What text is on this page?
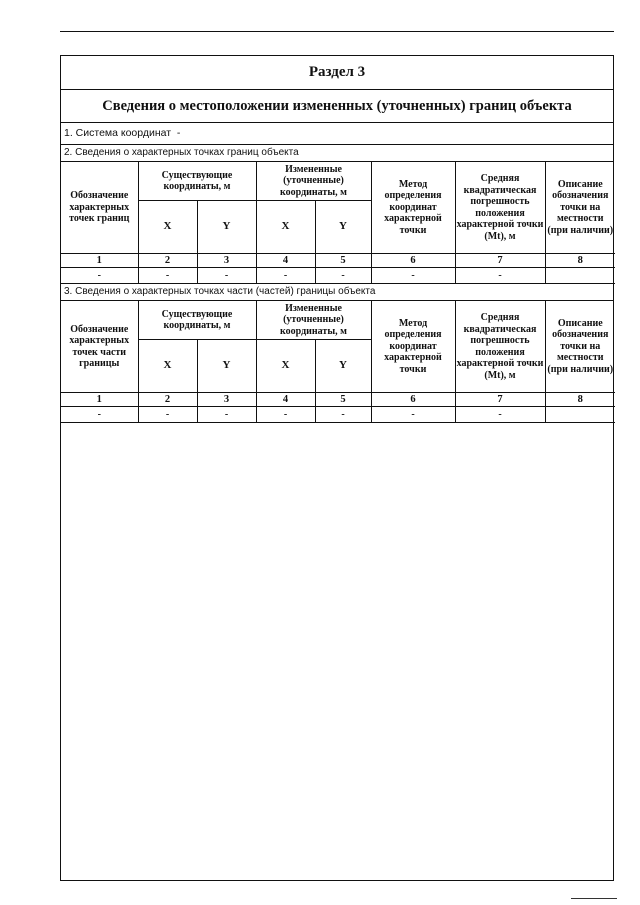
Раздел 3
Сведения о местоположении измененных (уточненных) границ объекта
1. Система координат -
2. Сведения о характерных точках границ объекта
Обозначение характерных точек границ	Существующие координаты, м		Измененные (уточненные) координаты, м		Метод определения координат характерной точки	Средняя квадратическая погрешность положения характерной точки (Мt), м	Описание обозначения точки на местности (при наличии)
	X	Y	X	Y			
1	2	3	4	5	6	7	8
-	-	-	-	-	-	-	
3. Сведения о характерных точках части (частей) границы объекта
Обозначение характерных точек части границы	Существующие координаты, м		Измененные (уточненные) координаты, м		Метод определения координат характерной точки	Средняя квадратическая погрешность положения характерной точки (Мt), м	Описание обозначения точки на местности (при наличии)
	X	Y	X	Y			
1	2	3	4	5	6	7	8
-	-	-	-	-	-	-	
